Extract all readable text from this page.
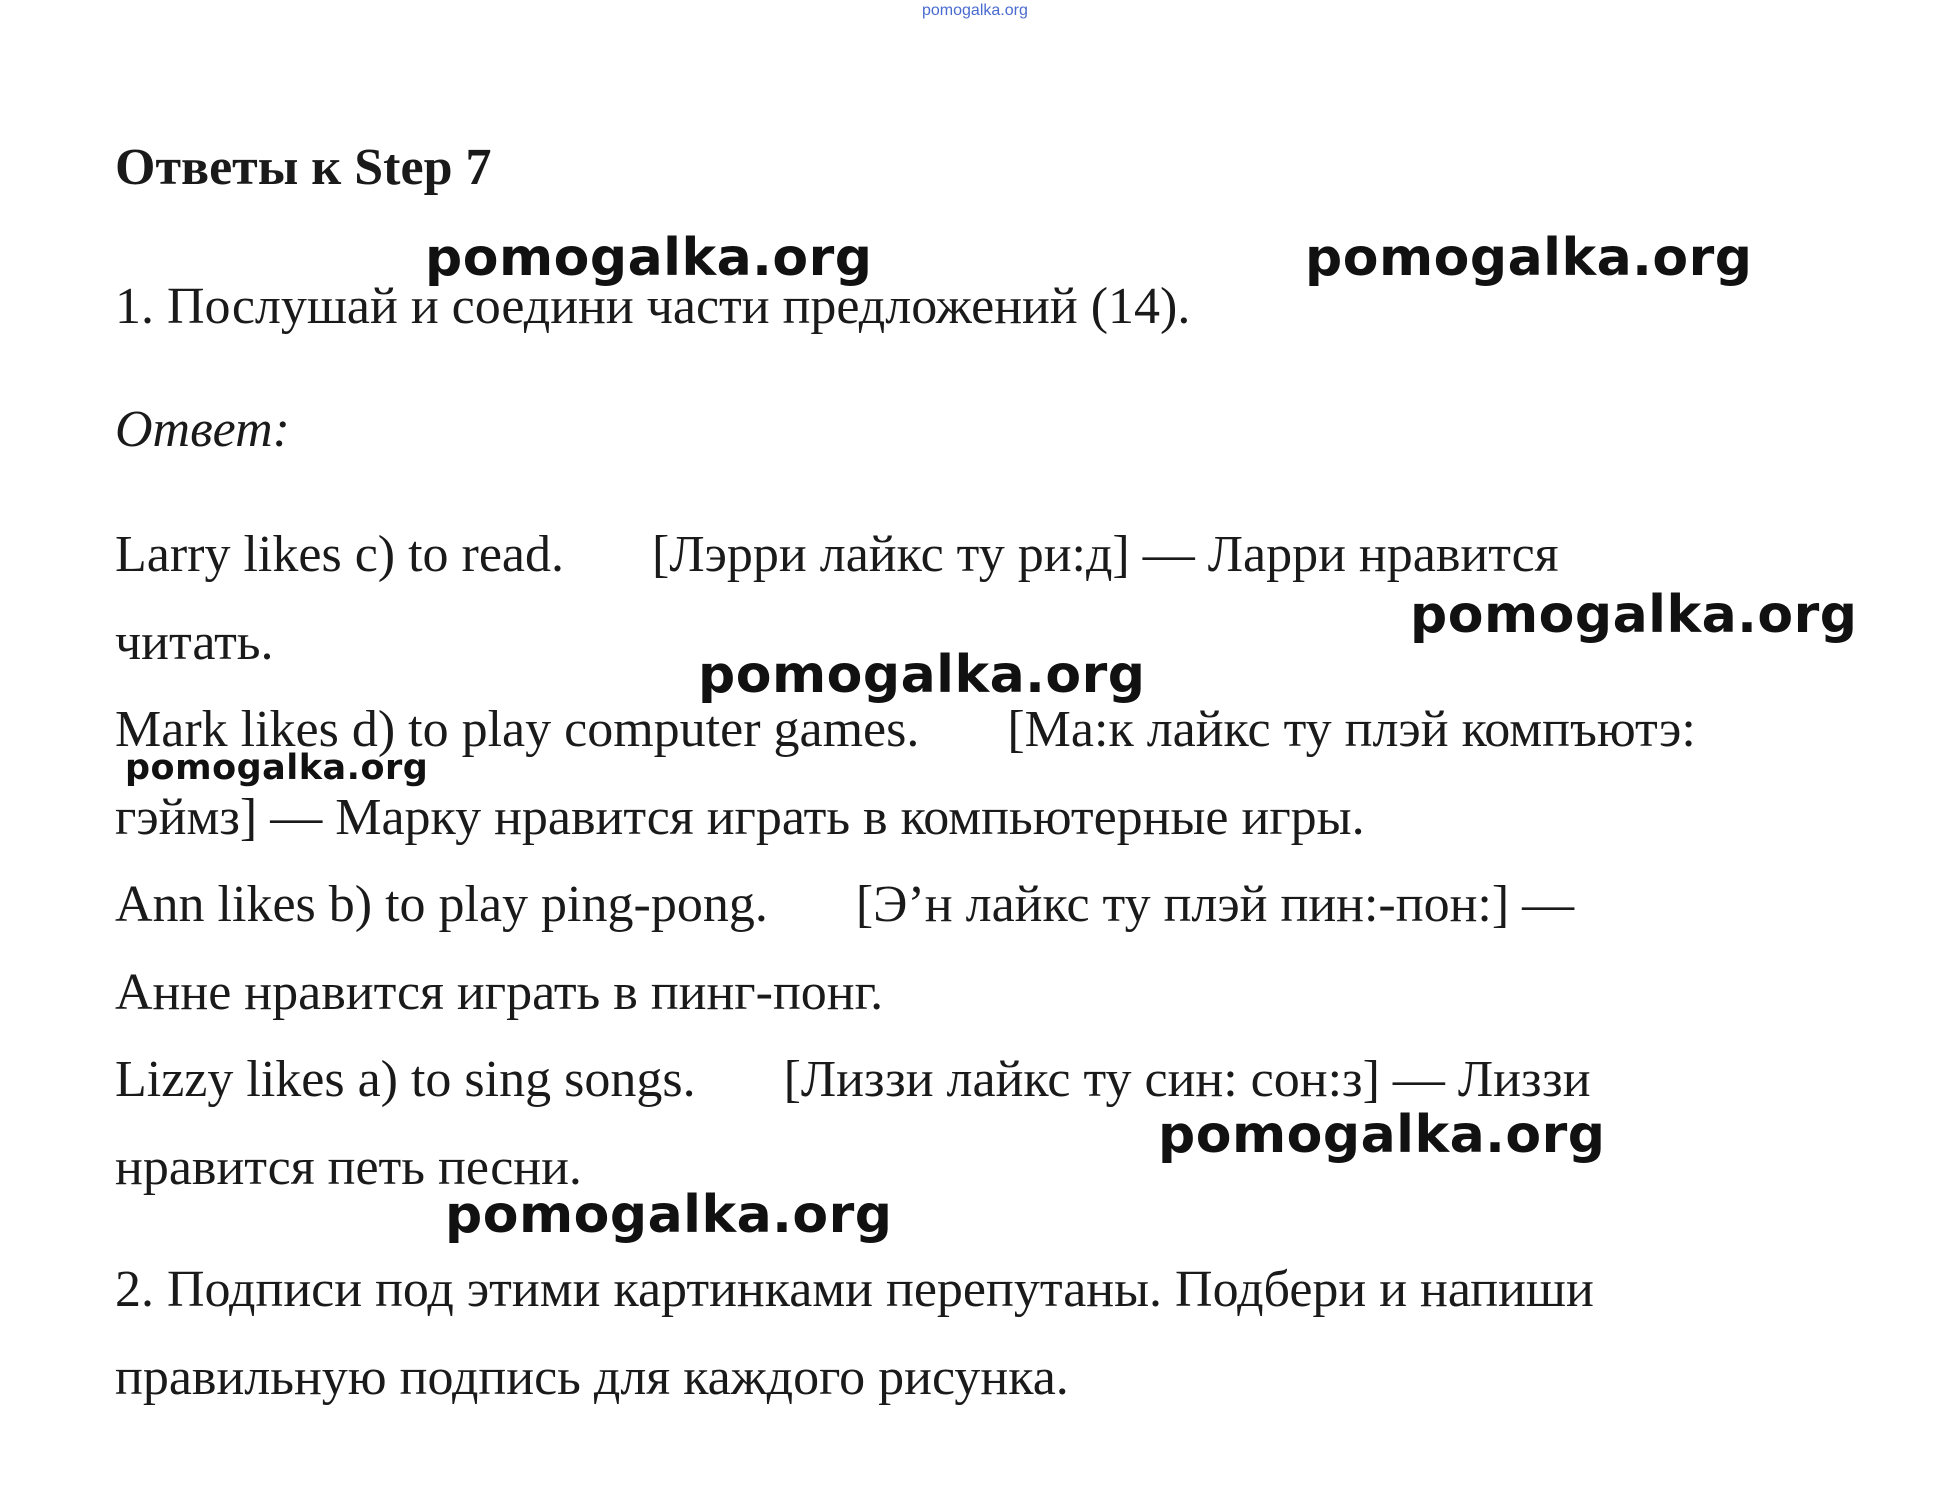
pomogalka.org
Ответы к Step 7
1. Послушай и соедини части предложений (14).
Ответ:
Larry likes c) to read. [Лэрри лайкс ту ри:д] — Ларри нравится
читать.
Mark likes d) to play computer games. [Ма:к лайкс ту плэй компъютэ:
гэймз] — Марку нравится играть в компьютерные игры.
Ann likes b) to play ping-pong. [Э’н лайкс ту плэй пин:-пон:] —
Анне нравится играть в пинг-понг.
Lizzy likes a) to sing songs. [Лиззи лайкс ту син: сон:з] — Лиззи
нравится петь песни.
2. Подписи под этими картинками перепутаны. Подбери и напиши
правильную подпись для каждого рисунка.
pomogalka.org	pomogalka.org
pomogalka.org
pomogalka.org
pomogalka.org
pomogalka.org
pomogalka.org
